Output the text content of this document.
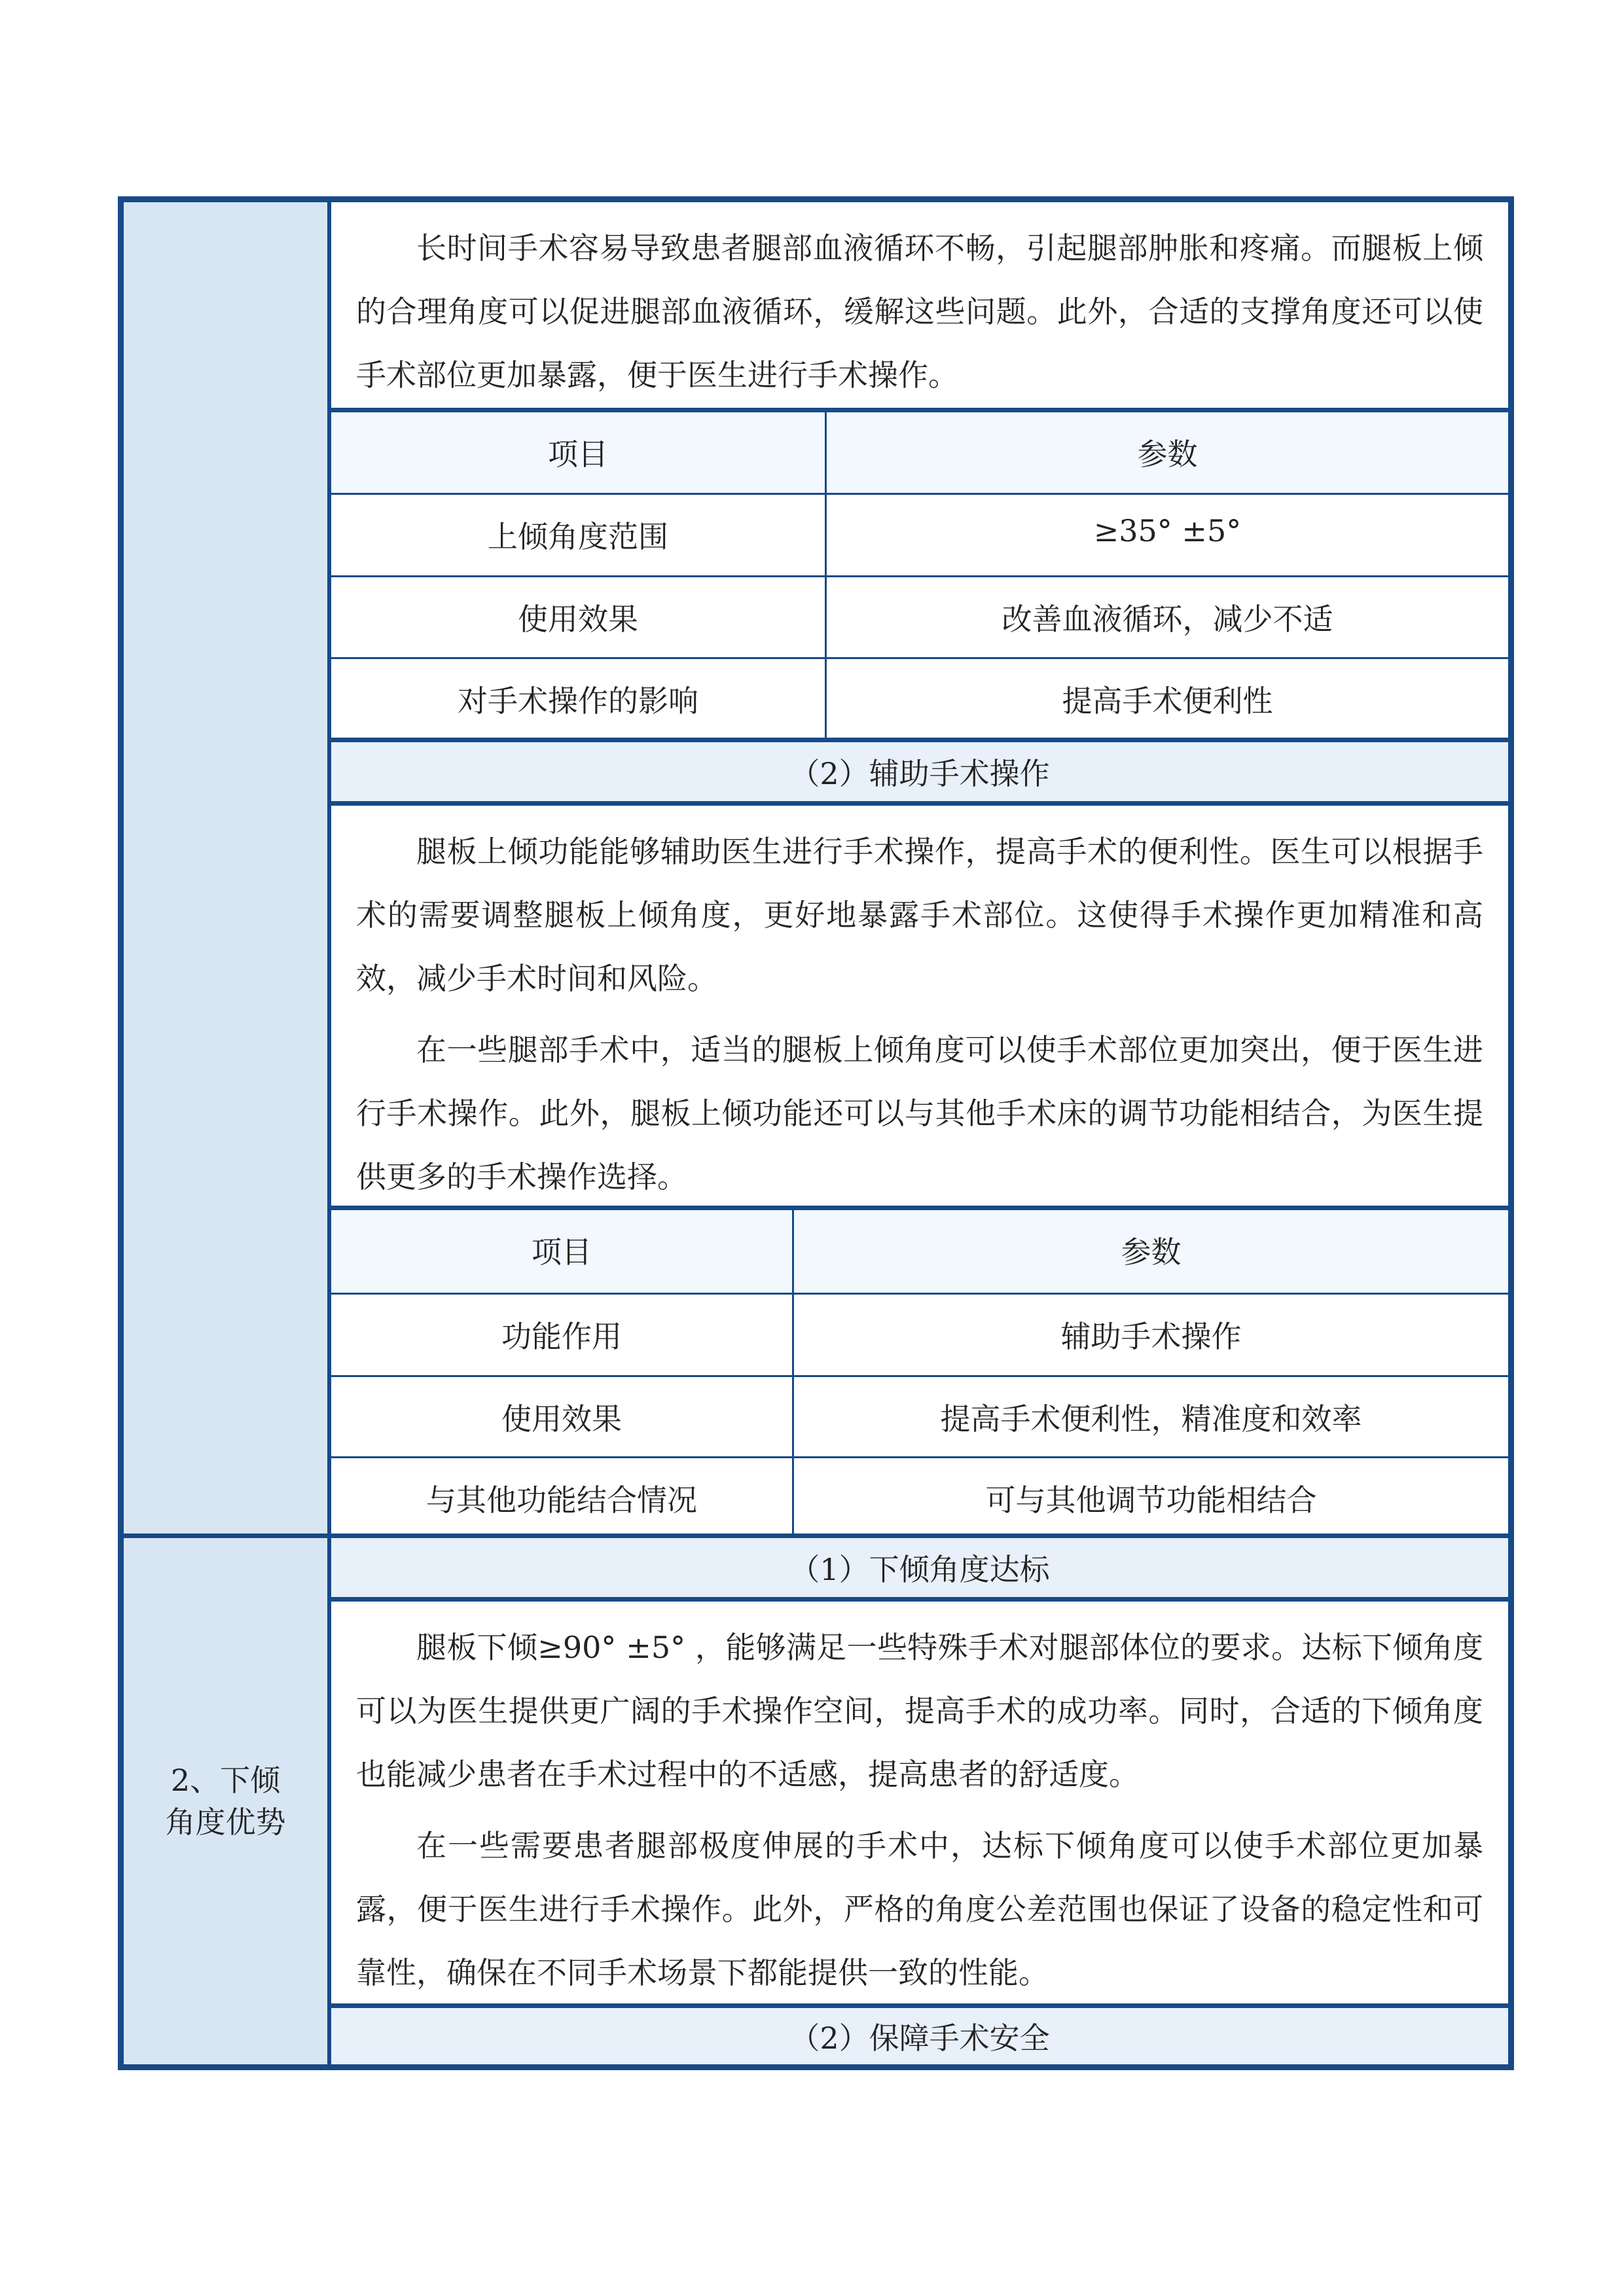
长时间手术容易导致患者腿部血液循环不畅，引起腿部肿胀和疼痛。而腿板上倾的合理角度可以促进腿部血液循环，缓解这些问题。此外，合适的支撑角度还可以使手术部位更加暴露，便于医生进行手术操作。

项目	参数
上倾角度范围	≥35° ±5°
使用效果	改善血液循环，减少不适
对手术操作的影响	提高手术便利性
（2）辅助手术操作

腿板上倾功能能够辅助医生进行手术操作，提高手术的便利性。医生可以根据手术的需要调整腿板上倾角度，更好地暴露手术部位。这使得手术操作更加精准和高效，减少手术时间和风险。

在一些腿部手术中，适当的腿板上倾角度可以使手术部位更加突出，便于医生进行手术操作。此外，腿板上倾功能还可以与其他手术床的调节功能相结合，为医生提供更多的手术操作选择。

项目	参数
功能作用	辅助手术操作
使用效果	提高手术便利性，精准度和效率
与其他功能结合情况	可与其他调节功能相结合
2、下倾角度优势
（1）下倾角度达标

腿板下倾≥90° ±5° ，能够满足一些特殊手术对腿部体位的要求。达标下倾角度可以为医生提供更广阔的手术操作空间，提高手术的成功率。同时，合适的下倾角度也能减少患者在手术过程中的不适感，提高患者的舒适度。

在一些需要患者腿部极度伸展的手术中，达标下倾角度可以使手术部位更加暴露，便于医生进行手术操作。此外，严格的角度公差范围也保证了设备的稳定性和可靠性，确保在不同手术场景下都能提供一致的性能。

（2）保障手术安全
